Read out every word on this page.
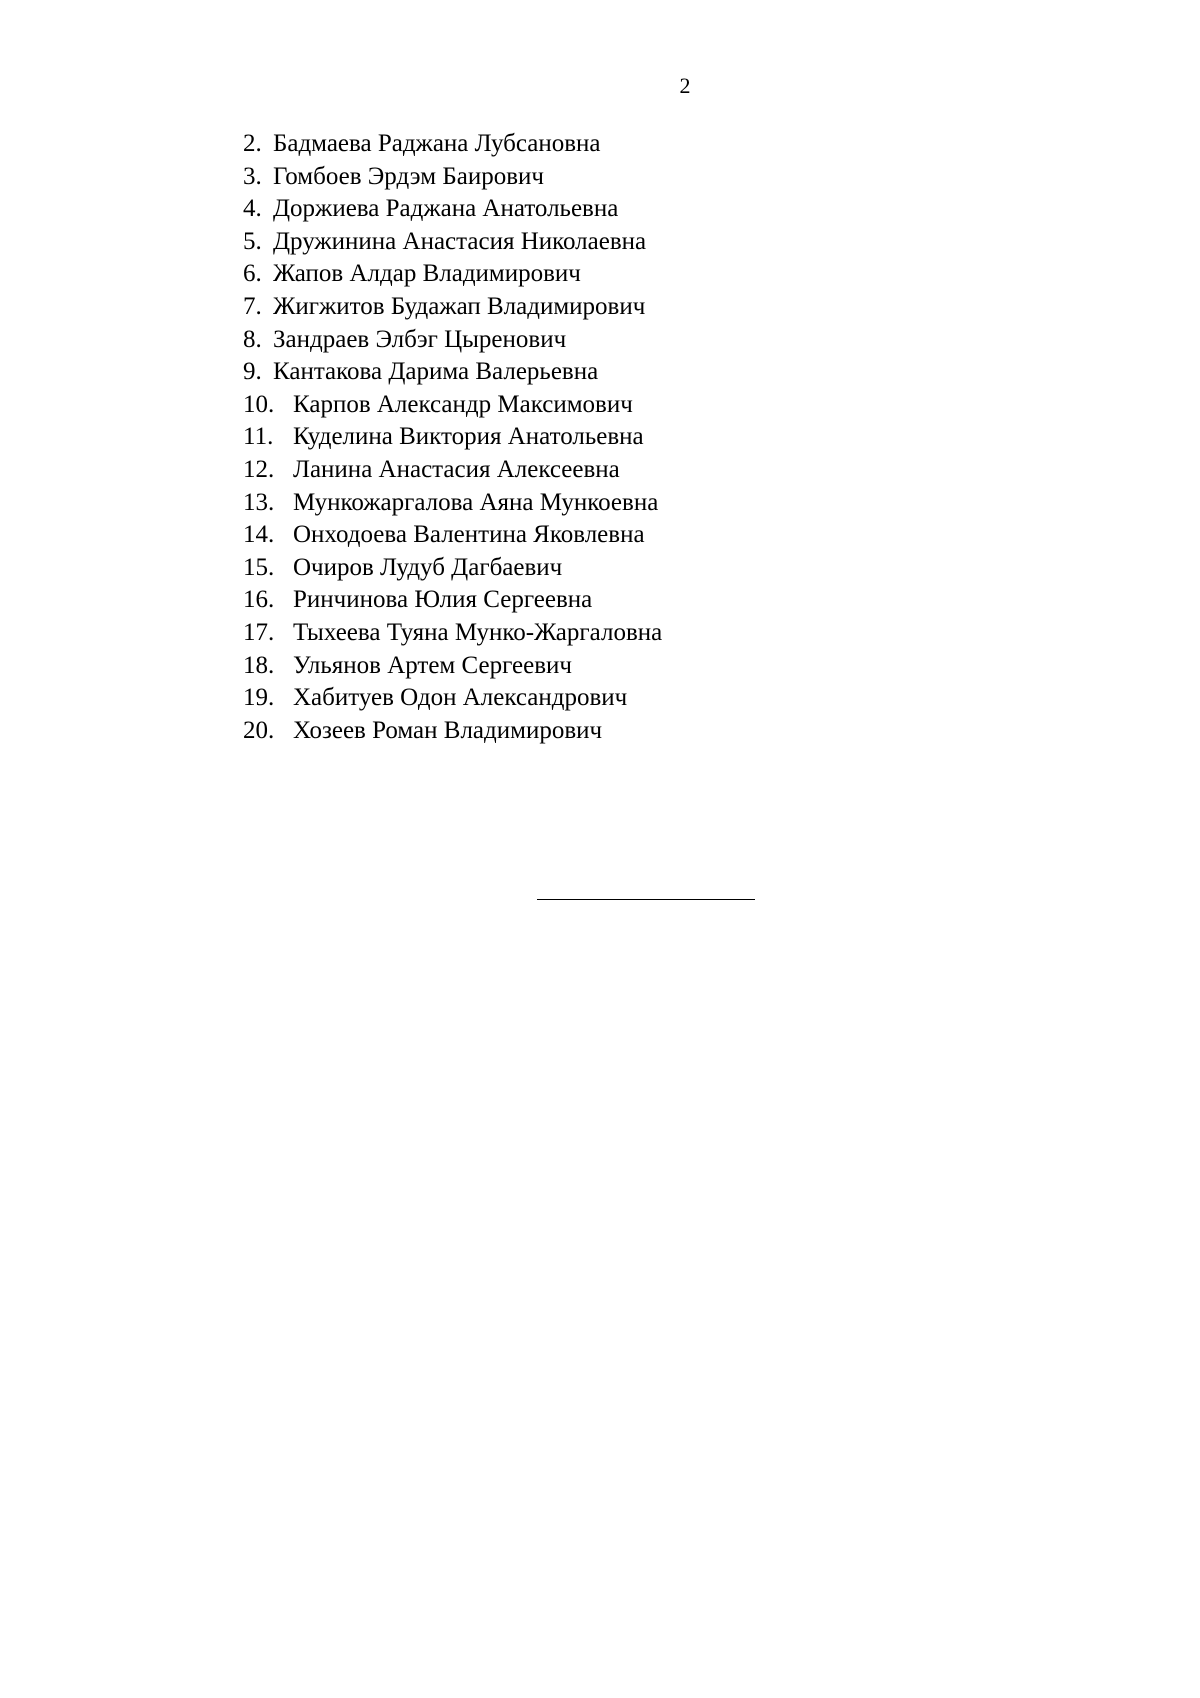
2
2. Бадмаева Раджана Лубсановна
3. Гомбоев Эрдэм Баирович
4. Доржиева Раджана Анатольевна
5. Дружинина Анастасия Николаевна
6. Жапов Алдар Владимирович
7. Жигжитов Будажап Владимирович
8. Зандраев Элбэг Цыренович
9. Кантакова Дарима Валерьевна
10. Карпов Александр Максимович
11. Куделина Виктория Анатольевна
12. Ланина Анастасия Алексеевна
13. Мункожаргалова Аяна Мункоевна
14. Онходоева Валентина Яковлевна
15. Очиров Лудуб Дагбаевич
16. Ринчинова Юлия Сергеевна
17. Тыхеева Туяна Мунко-Жаргаловна
18. Ульянов Артем Сергеевич
19. Хабитуев Одон Александрович
20. Хозеев Роман Владимирович
